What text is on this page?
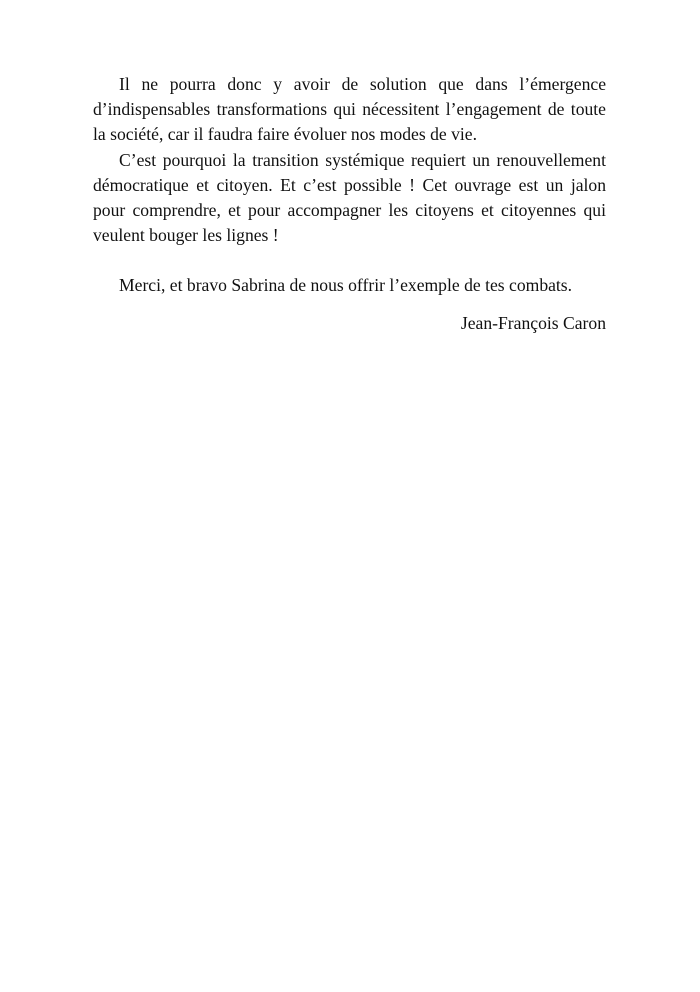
Il ne pourra donc y avoir de solution que dans l’émergence d’indispensables transformations qui nécessitent l’engagement de toute la société, car il faudra faire évoluer nos modes de vie.

C’est pourquoi la transition systémique requiert un renouvellement démocratique et citoyen. Et c’est possible ! Cet ouvrage est un jalon pour comprendre, et pour accompagner les citoyens et citoyennes qui veulent bouger les lignes !

Merci, et bravo Sabrina de nous offrir l’exemple de tes combats.

Jean-François Caron
